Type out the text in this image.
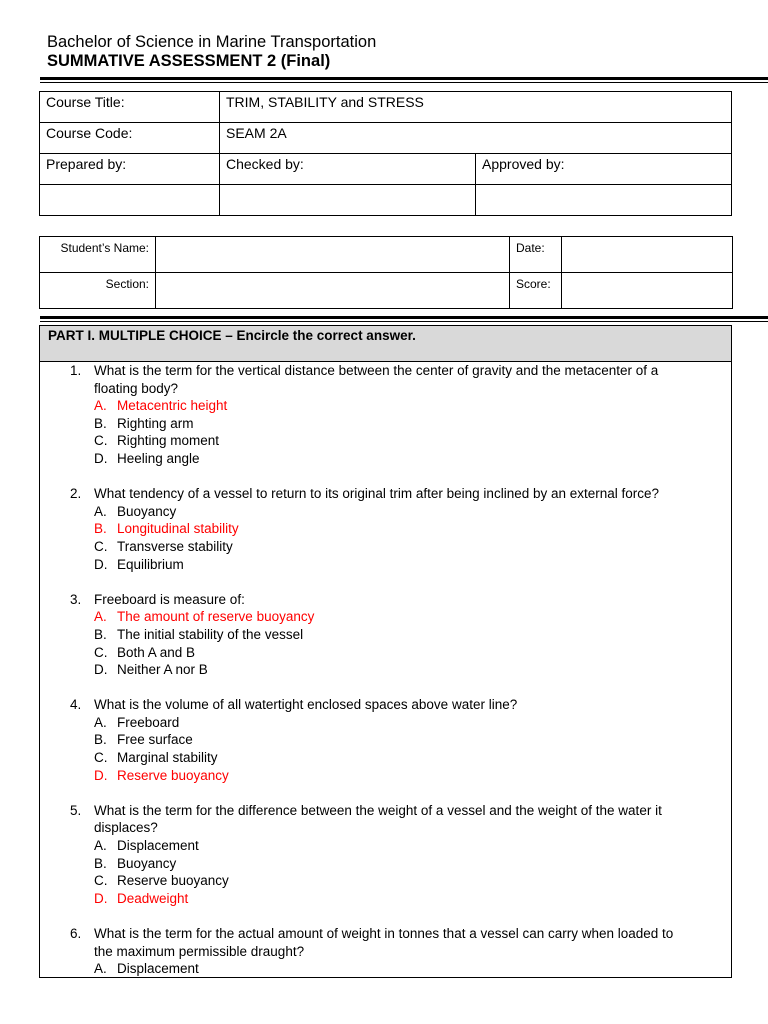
Bachelor of Science in Marine Transportation
SUMMATIVE ASSESSMENT 2 (Final)
Course Title:	TRIM, STABILITY and STRESS	
Course Code:	SEAM 2A	
Prepared by:	Checked by:	Approved by:

Student’s Name:		Date:	
Section:		Score:	
PART I. MULTIPLE CHOICE – Encircle the correct answer.
1. What is the term for the vertical distance between the center of gravity and the metacenter of a floating body?
A. Metacentric height
B. Righting arm
C. Righting moment
D. Heeling angle
2. What tendency of a vessel to return to its original trim after being inclined by an external force?
A. Buoyancy
B. Longitudinal stability
C. Transverse stability
D. Equilibrium
3. Freeboard is measure of:
A. The amount of reserve buoyancy
B. The initial stability of the vessel
C. Both A and B
D. Neither A nor B
4. What is the volume of all watertight enclosed spaces above water line?
A. Freeboard
B. Free surface
C. Marginal stability
D. Reserve buoyancy
5. What is the term for the difference between the weight of a vessel and the weight of the water it displaces?
A. Displacement
B. Buoyancy
C. Reserve buoyancy
D. Deadweight
6. What is the term for the actual amount of weight in tonnes that a vessel can carry when loaded to the maximum permissible draught?
A. Displacement
